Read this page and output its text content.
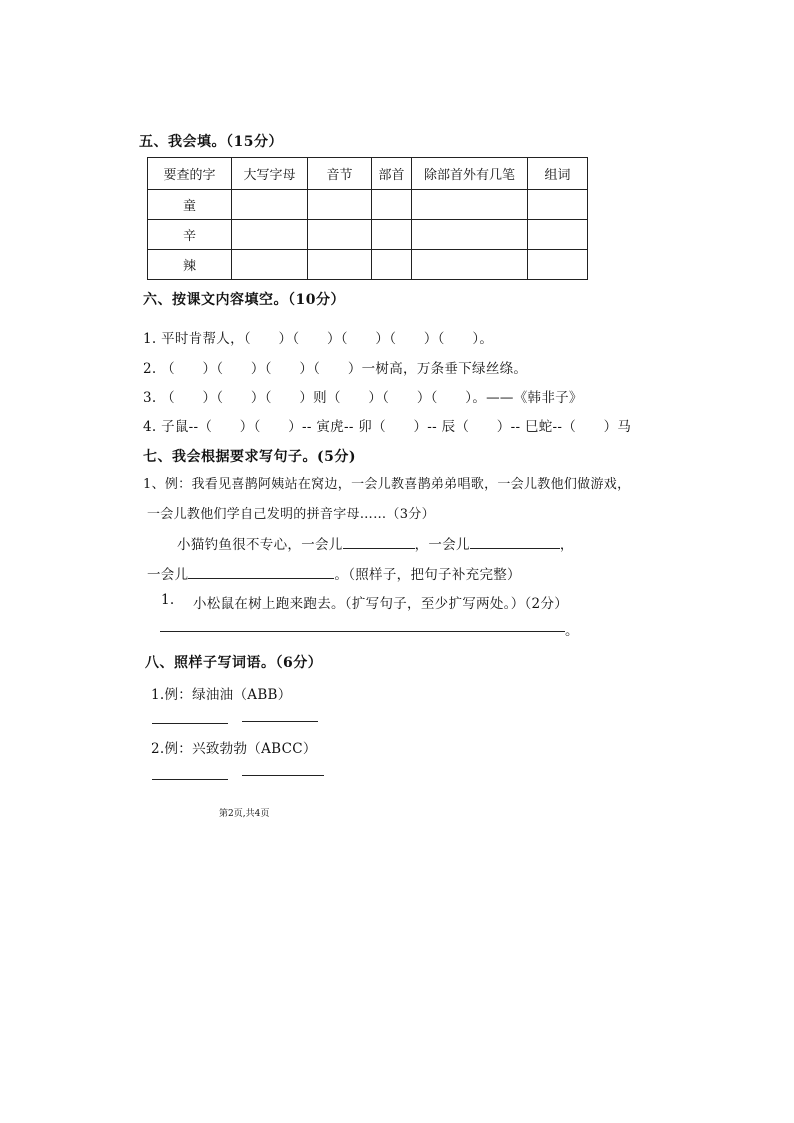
五、我会填。（15分）
要查的字	大写字母	音节	部首	除部首外有几笔	组词
童					
辛					
辣					
六、按课文内容填空。（10分）
1. 平时肯帮人，（　　）（　　）（　　）（　　）（　　）。
2. （　　）（　　）（　　）（　　）一树高，万条垂下绿丝绦。
3. （　　）（　　）（　　）则（　　）（　　）（　　）。——《韩非子》
4. 子鼠--（　　）（　　）-- 寅虎-- 卯（　　）-- 辰（　　）-- 巳蛇--（　　）马
七、我会根据要求写句子。(5分)
1、例：我看见喜鹊阿姨站在窝边，一会儿教喜鹊弟弟唱歌，一会儿教他们做游戏，
一会儿教他们学自己发明的拼音字母……（3分）
小猫钓鱼很不专心，一会儿	，一会儿	，
一会儿	。（照样子，把句子补充完整）
1. 小松鼠在树上跑来跑去。（扩写句子，至少扩写两处。）（2分）
。
八、照样子写词语。（6分）
1.例：绿油油（ABB）
2.例：兴致勃勃（ABCC）
第2页,共4页
